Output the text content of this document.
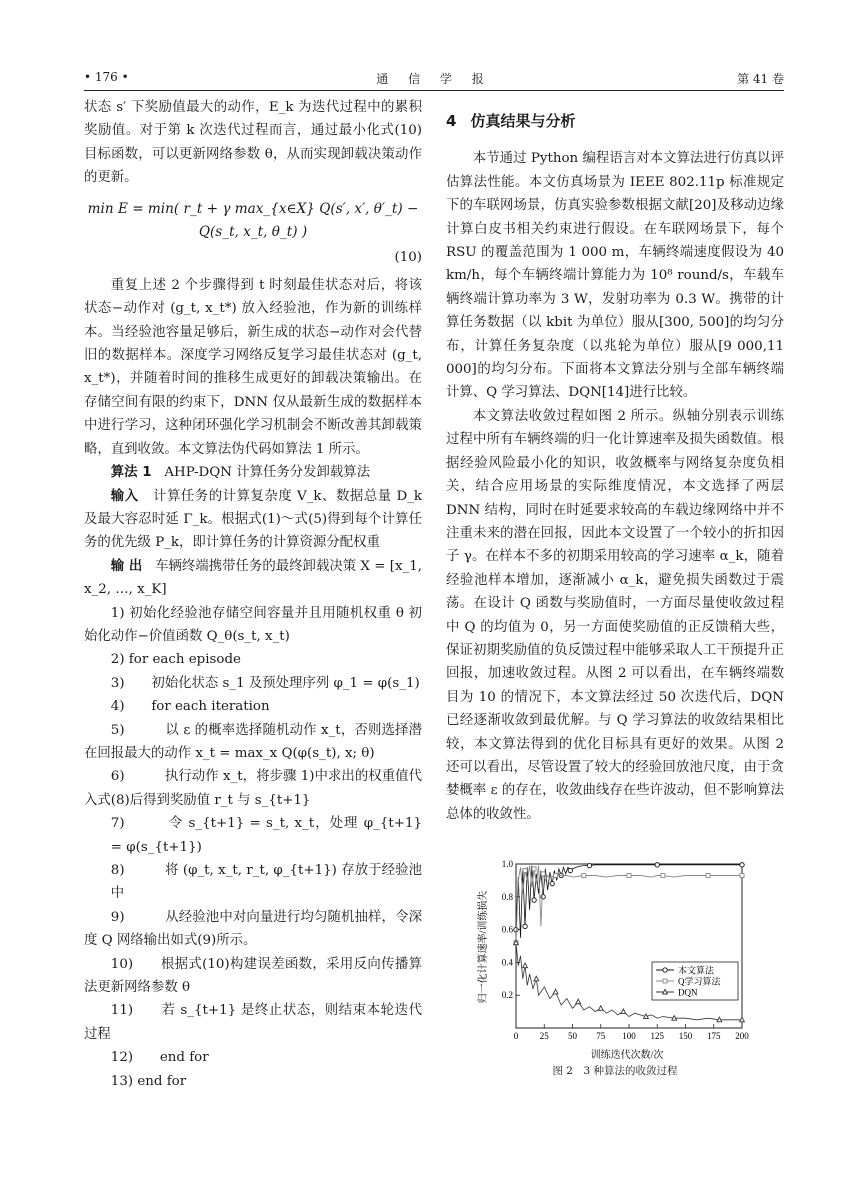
• 176 •	通 信 学 报	第 41 卷

状态 s′ 下奖励值最大的动作，E_k 为迭代过程中的累积奖励值。对于第 k 次迭代过程而言，通过最小化式(10)目标函数，可以更新网络参数 θ，从而实现卸载决策动作的更新。

min E = min( r_t + γ max_{x∈X} Q(s′, x′, θ′_t) − Q(s_t, x_t, θ_t) )

(10)

重复上述 2 个步骤得到 t 时刻最佳状态对后，将该状态−动作对 (g_t, x_t*) 放入经验池，作为新的训练样本。当经验池容量足够后，新生成的状态−动作对会代替旧的数据样本。深度学习网络反复学习最佳状态对 (g_t, x_t*)，并随着时间的推移生成更好的卸载决策输出。在存储空间有限的约束下，DNN 仅从最新生成的数据样本中进行学习，这种闭环强化学习机制会不断改善其卸载策略，直到收敛。本文算法伪代码如算法 1 所示。

算法 1 AHP-DQN 计算任务分发卸载算法

输入 计算任务的计算复杂度 V_k、数据总量 D_k 及最大容忍时延 Γ_k。根据式(1)～式(5)得到每个计算任务的优先级 P_k，即计算任务的计算资源分配权重

输 出 车辆终端携带任务的最终卸载决策 X = [x_1, x_2, …, x_K]

1) 初始化经验池存储空间容量并且用随机权重 θ 初始化动作−价值函数 Q_θ(s_t, x_t)

2) for each episode

3)　　初始化状态 s_1 及预处理序列 φ_1 = φ(s_1)

4)　　for each iteration

5)　　　以 ε 的概率选择随机动作 x_t，否则选择潜在回报最大的动作 x_t = max_x Q(φ(s_t), x; θ)

6)　　　执行动作 x_t，将步骤 1)中求出的权重值代入式(8)后得到奖励值 r_t 与 s_{t+1}

7)　　　令 s_{t+1} = s_t, x_t，处理 φ_{t+1} = φ(s_{t+1})

8)　　　将 (φ_t, x_t, r_t, φ_{t+1}) 存放于经验池中

9)　　　从经验池中对向量进行均匀随机抽样，令深度 Q 网络输出如式(9)所示。

10)　　根据式(10)构建误差函数，采用反向传播算法更新网络参数 θ

11)　　若 s_{t+1} 是终止状态，则结束本轮迭代过程

12)　　end for

13) end for

4 仿真结果与分析

本节通过 Python 编程语言对本文算法进行仿真以评估算法性能。本文仿真场景为 IEEE 802.11p 标准规定下的车联网场景，仿真实验参数根据文献[20]及移动边缘计算白皮书相关约束进行假设。在车联网场景下，每个 RSU 的覆盖范围为 1 000 m，车辆终端速度假设为 40 km/h，每个车辆终端计算能力为 10⁸ round/s，车载车辆终端计算功率为 3 W，发射功率为 0.3 W。携带的计算任务数据（以 kbit 为单位）服从[300, 500]的均匀分布，计算任务复杂度（以兆轮为单位）服从[9 000,11 000]的均匀分布。下面将本文算法分别与全部车辆终端计算、Q 学习算法、DQN[14]进行比较。

本文算法收敛过程如图 2 所示。纵轴分别表示训练过程中所有车辆终端的归一化计算速率及损失函数值。根据经验风险最小化的知识，收敛概率与网络复杂度负相关，结合应用场景的实际维度情况，本文选择了两层 DNN 结构，同时在时延要求较高的车载边缘网络中并不注重未来的潜在回报，因此本文设置了一个较小的折扣因子 γ。在样本不多的初期采用较高的学习速率 α_k，随着经验池样本增加，逐渐减小 α_k，避免损失函数过于震荡。在设计 Q 函数与奖励值时，一方面尽量使收敛过程中 Q 的均值为 0，另一方面使奖励值的正反馈稍大些，保证初期奖励值的负反馈过程中能够采取人工干预提升正回报，加速收敛过程。从图 2 可以看出，在车辆终端数目为 10 的情况下，本文算法经过 50 次迭代后，DQN 已经逐渐收敛到最优解。与 Q 学习算法的收敛结果相比较，本文算法得到的优化目标具有更好的效果。从图 2 还可以看出，尽管设置了较大的经验回放池尺度，由于贪婪概率 ε 的存在，收敛曲线存在些许波动，但不影响算法总体的收敛性。

0 25 50 75 100 125 150 175 200
0.2
0.4
0.6
0.8
1.0
本文算法
Q学习算法
DQN
归一化计算速率/训练损失
训练迭代次数/次
图 2　3 种算法的收敛过程
